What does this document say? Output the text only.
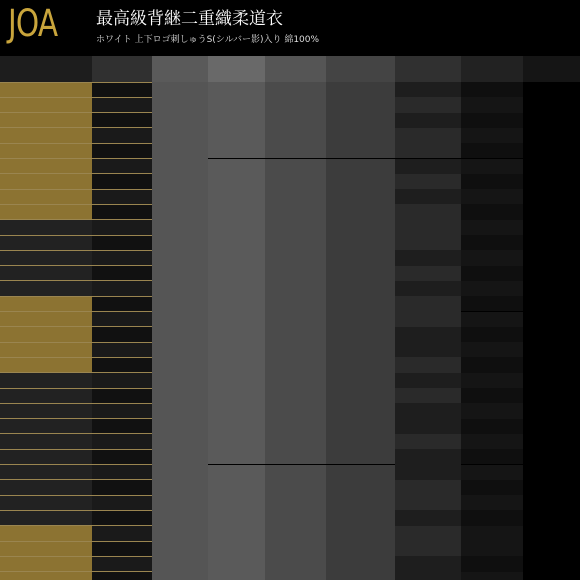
JOA 最高級背継二重織柔道衣
ホワイト 上下ロゴ刺しゅうS(シルバー影)入り 綿100%
